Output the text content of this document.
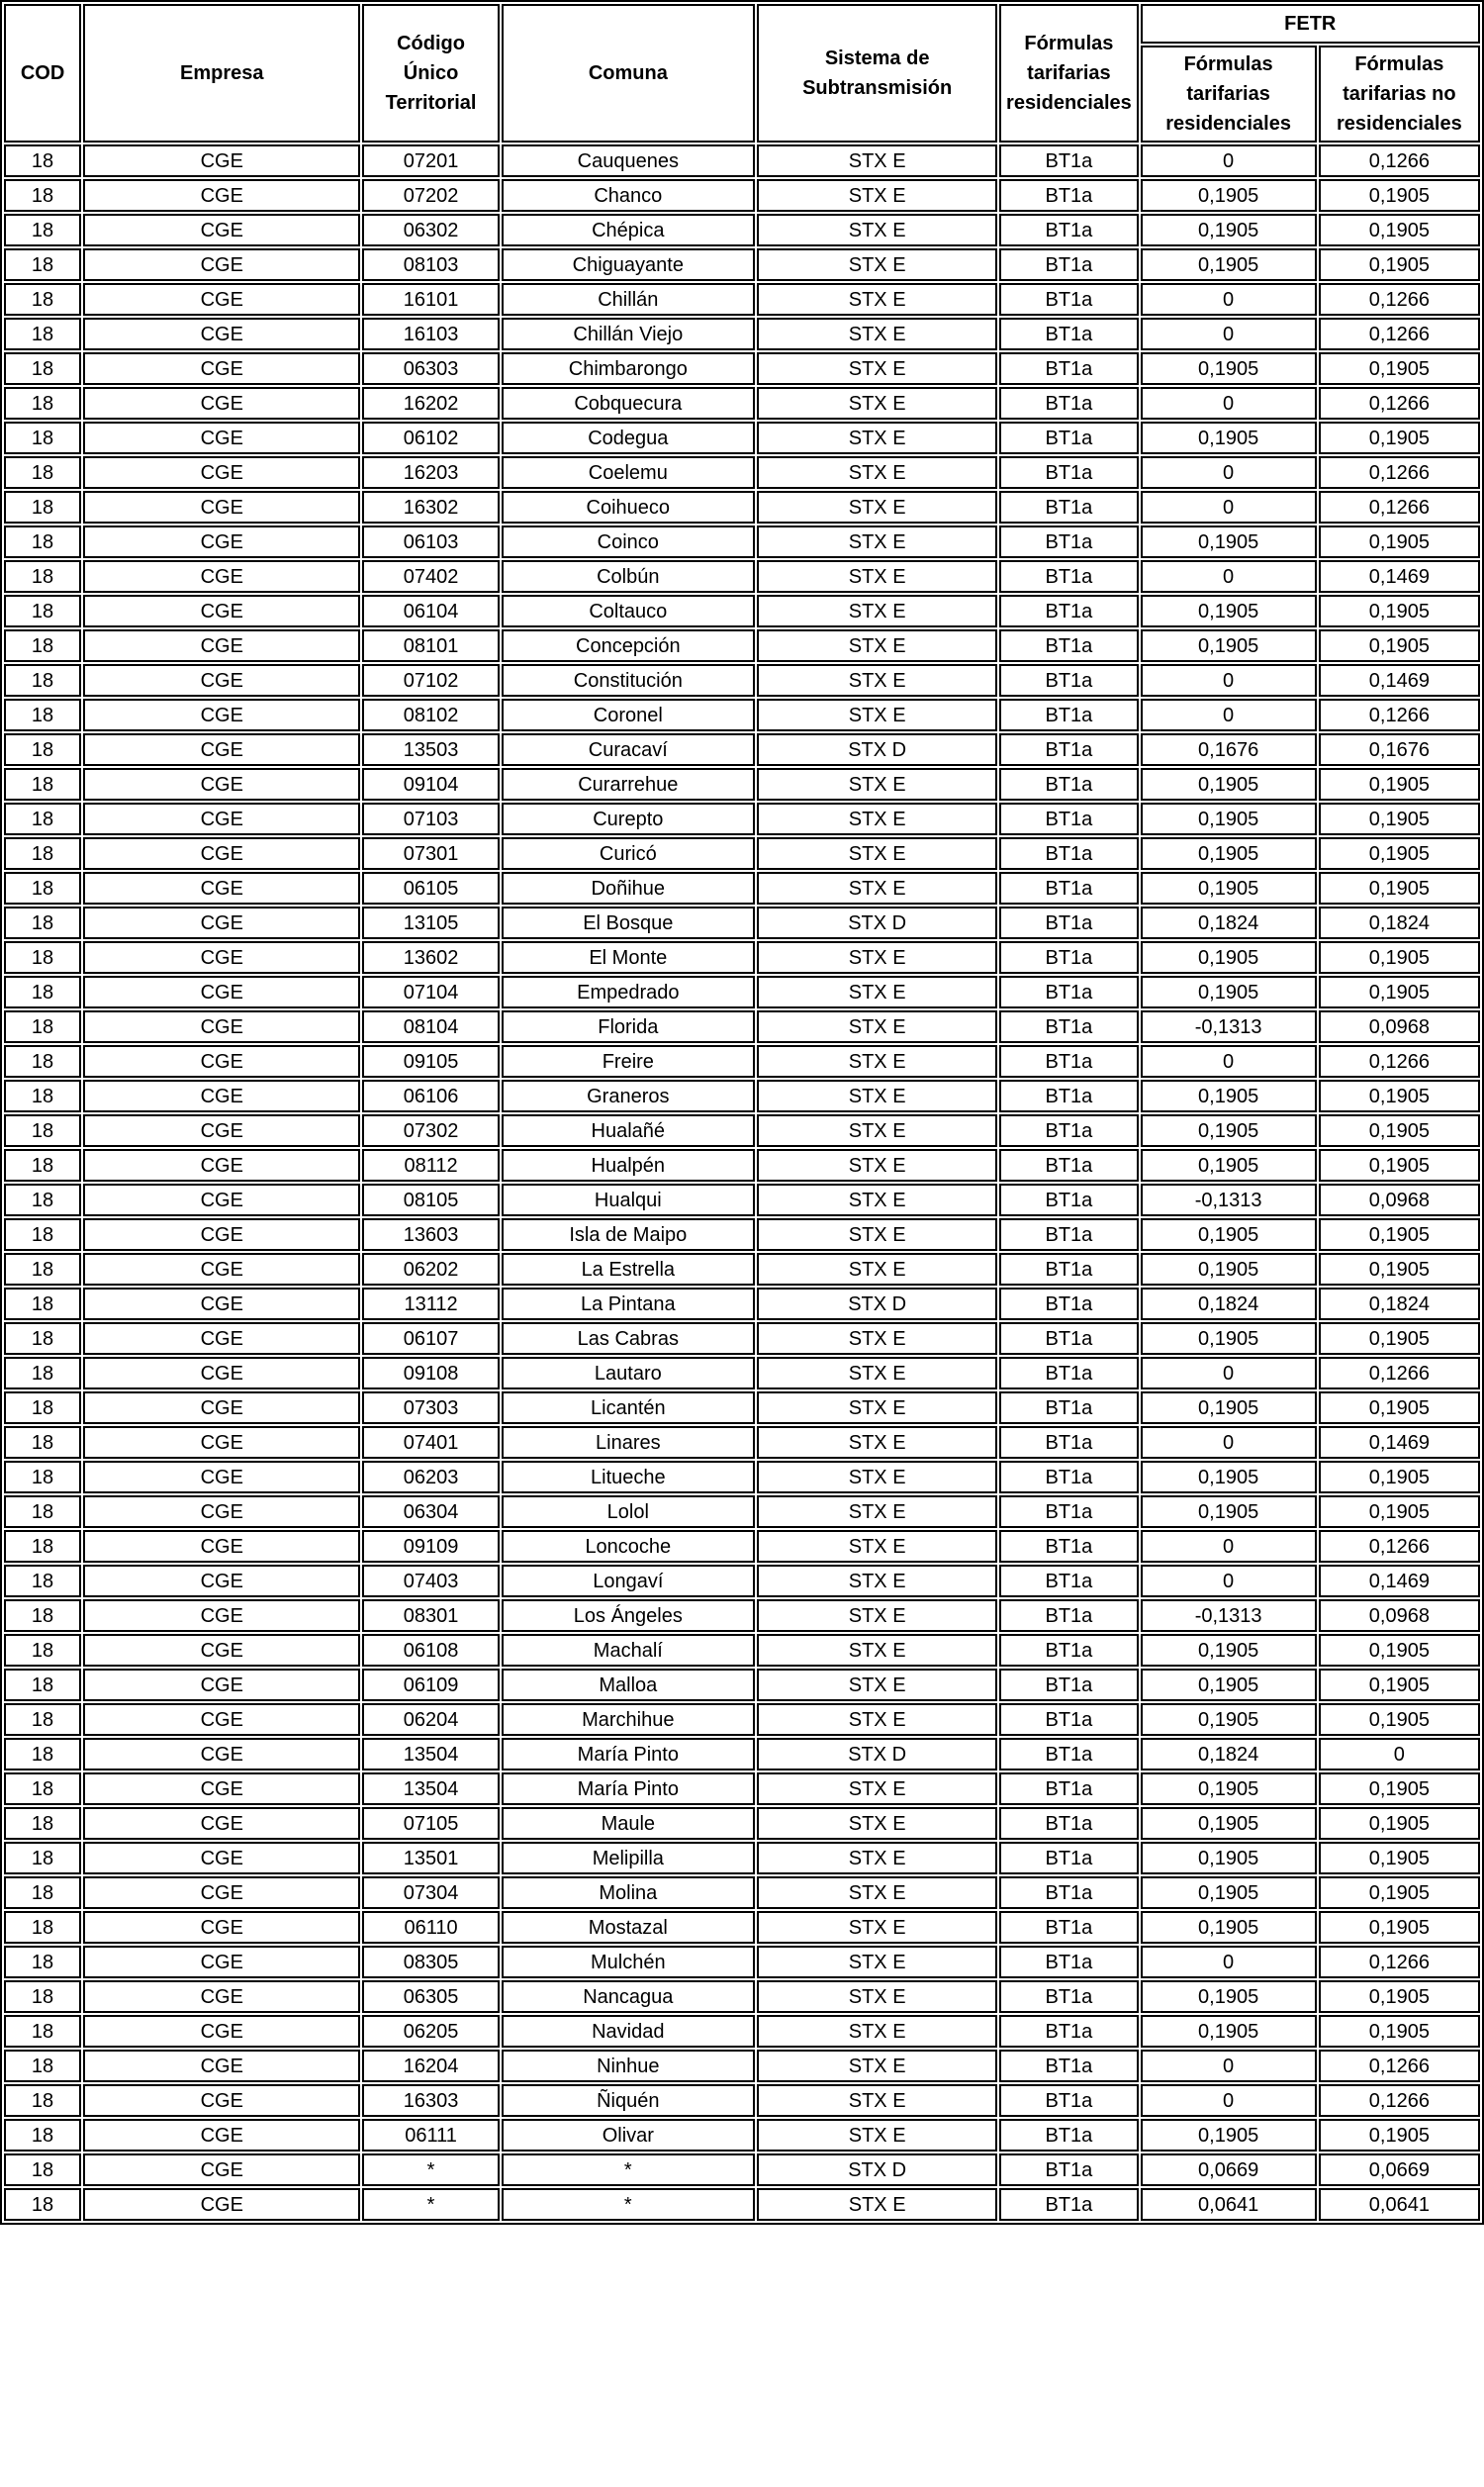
COD	Empresa	Código Único Territorial	Comuna	Sistema de Subtransmisión	Fórmulas tarifarias residenciales	FETR	
						Fórmulas tarifarias residenciales	Fórmulas tarifarias no residenciales
18	CGE	07201	Cauquenes	STX E	BT1a	0	0,1266
18	CGE	07202	Chanco	STX E	BT1a	0,1905	0,1905
18	CGE	06302	Chépica	STX E	BT1a	0,1905	0,1905
18	CGE	08103	Chiguayante	STX E	BT1a	0,1905	0,1905
18	CGE	16101	Chillán	STX E	BT1a	0	0,1266
18	CGE	16103	Chillán Viejo	STX E	BT1a	0	0,1266
18	CGE	06303	Chimbarongo	STX E	BT1a	0,1905	0,1905
18	CGE	16202	Cobquecura	STX E	BT1a	0	0,1266
18	CGE	06102	Codegua	STX E	BT1a	0,1905	0,1905
18	CGE	16203	Coelemu	STX E	BT1a	0	0,1266
18	CGE	16302	Coihueco	STX E	BT1a	0	0,1266
18	CGE	06103	Coinco	STX E	BT1a	0,1905	0,1905
18	CGE	07402	Colbún	STX E	BT1a	0	0,1469
18	CGE	06104	Coltauco	STX E	BT1a	0,1905	0,1905
18	CGE	08101	Concepción	STX E	BT1a	0,1905	0,1905
18	CGE	07102	Constitución	STX E	BT1a	0	0,1469
18	CGE	08102	Coronel	STX E	BT1a	0	0,1266
18	CGE	13503	Curacaví	STX D	BT1a	0,1676	0,1676
18	CGE	09104	Curarrehue	STX E	BT1a	0,1905	0,1905
18	CGE	07103	Curepto	STX E	BT1a	0,1905	0,1905
18	CGE	07301	Curicó	STX E	BT1a	0,1905	0,1905
18	CGE	06105	Doñihue	STX E	BT1a	0,1905	0,1905
18	CGE	13105	El Bosque	STX D	BT1a	0,1824	0,1824
18	CGE	13602	El Monte	STX E	BT1a	0,1905	0,1905
18	CGE	07104	Empedrado	STX E	BT1a	0,1905	0,1905
18	CGE	08104	Florida	STX E	BT1a	-0,1313	0,0968
18	CGE	09105	Freire	STX E	BT1a	0	0,1266
18	CGE	06106	Graneros	STX E	BT1a	0,1905	0,1905
18	CGE	07302	Hualañé	STX E	BT1a	0,1905	0,1905
18	CGE	08112	Hualpén	STX E	BT1a	0,1905	0,1905
18	CGE	08105	Hualqui	STX E	BT1a	-0,1313	0,0968
18	CGE	13603	Isla de Maipo	STX E	BT1a	0,1905	0,1905
18	CGE	06202	La Estrella	STX E	BT1a	0,1905	0,1905
18	CGE	13112	La Pintana	STX D	BT1a	0,1824	0,1824
18	CGE	06107	Las Cabras	STX E	BT1a	0,1905	0,1905
18	CGE	09108	Lautaro	STX E	BT1a	0	0,1266
18	CGE	07303	Licantén	STX E	BT1a	0,1905	0,1905
18	CGE	07401	Linares	STX E	BT1a	0	0,1469
18	CGE	06203	Litueche	STX E	BT1a	0,1905	0,1905
18	CGE	06304	Lolol	STX E	BT1a	0,1905	0,1905
18	CGE	09109	Loncoche	STX E	BT1a	0	0,1266
18	CGE	07403	Longaví	STX E	BT1a	0	0,1469
18	CGE	08301	Los Ángeles	STX E	BT1a	-0,1313	0,0968
18	CGE	06108	Machalí	STX E	BT1a	0,1905	0,1905
18	CGE	06109	Malloa	STX E	BT1a	0,1905	0,1905
18	CGE	06204	Marchihue	STX E	BT1a	0,1905	0,1905
18	CGE	13504	María Pinto	STX D	BT1a	0,1824	0
18	CGE	13504	María Pinto	STX E	BT1a	0,1905	0,1905
18	CGE	07105	Maule	STX E	BT1a	0,1905	0,1905
18	CGE	13501	Melipilla	STX E	BT1a	0,1905	0,1905
18	CGE	07304	Molina	STX E	BT1a	0,1905	0,1905
18	CGE	06110	Mostazal	STX E	BT1a	0,1905	0,1905
18	CGE	08305	Mulchén	STX E	BT1a	0	0,1266
18	CGE	06305	Nancagua	STX E	BT1a	0,1905	0,1905
18	CGE	06205	Navidad	STX E	BT1a	0,1905	0,1905
18	CGE	16204	Ninhue	STX E	BT1a	0	0,1266
18	CGE	16303	Ñiquén	STX E	BT1a	0	0,1266
18	CGE	06111	Olivar	STX E	BT1a	0,1905	0,1905
18	CGE	*	*	STX D	BT1a	0,0669	0,0669
18	CGE	*	*	STX E	BT1a	0,0641	0,0641
